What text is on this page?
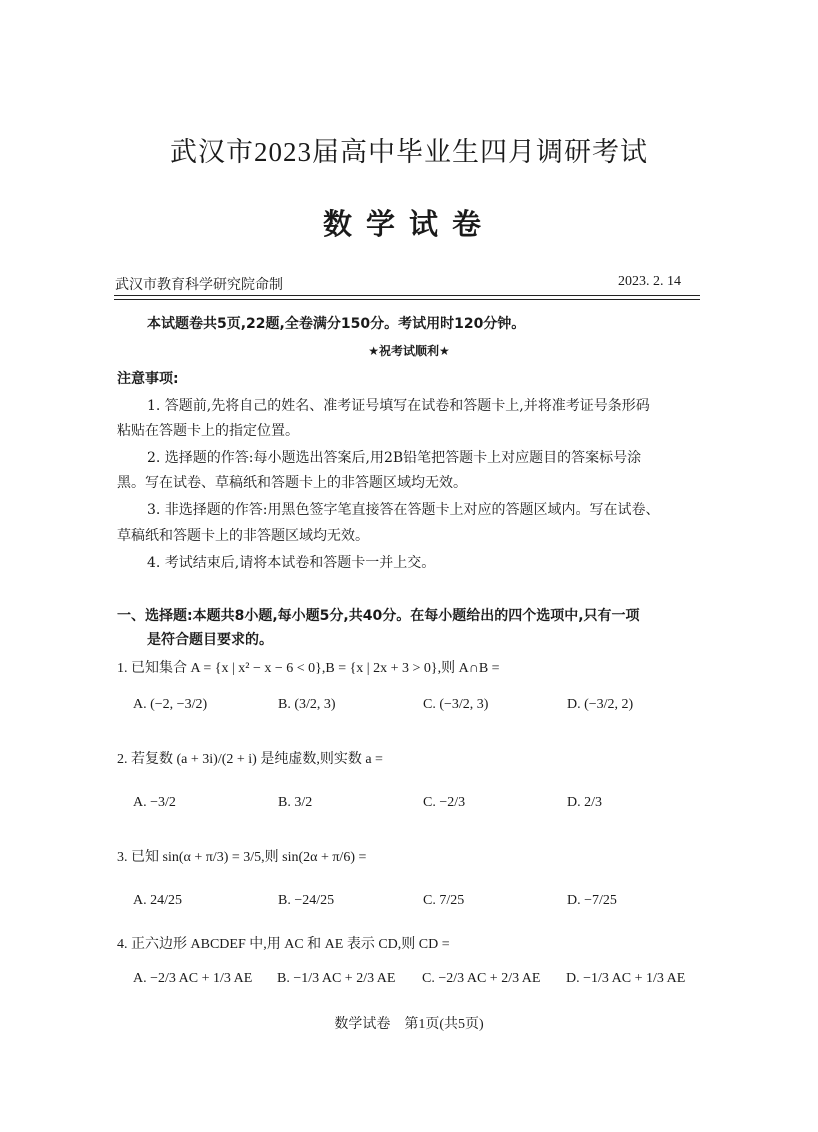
武汉市2023届高中毕业生四月调研考试
数学试卷
武汉市教育科学研究院命制	2023. 2. 14
本试题卷共5页,22题,全卷满分150分。考试用时120分钟。
★祝考试顺利★
注意事项:
1. 答题前,先将自己的姓名、准考证号填写在试卷和答题卡上,并将准考证号条形码
粘贴在答题卡上的指定位置。
2. 选择题的作答:每小题选出答案后,用2B铅笔把答题卡上对应题目的答案标号涂
黑。写在试卷、草稿纸和答题卡上的非答题区域均无效。
3. 非选择题的作答:用黑色签字笔直接答在答题卡上对应的答题区域内。写在试卷、
草稿纸和答题卡上的非答题区域均无效。
4. 考试结束后,请将本试卷和答题卡一并上交。
一、选择题:本题共8小题,每小题5分,共40分。在每小题给出的四个选项中,只有一项
是符合题目要求的。
1. 已知集合 A = {x | x² − x − 6 < 0},B = {x | 2x + 3 > 0},则 A∩B =
A. (−2, −3/2)	B. (3/2, 3)	C. (−3/2, 3)	D. (−3/2, 2)
2. 若复数 (a + 3i)/(2 + i) 是纯虚数,则实数 a =
A. −3/2	B. 3/2	C. −2/3	D. 2/3
3. 已知 sin(α + π/3) = 3/5,则 sin(2α + π/6) =
A. 24/25	B. −24/25	C. 7/25	D. −7/25
4. 正六边形 ABCDEF 中,用 AC 和 AE 表示 CD,则 CD =
A. −2/3 AC + 1/3 AE B. −1/3 AC + 2/3 AE C. −2/3 AC + 2/3 AE D. −1/3 AC + 1/3 AE
数学试卷　第1页(共5页)
